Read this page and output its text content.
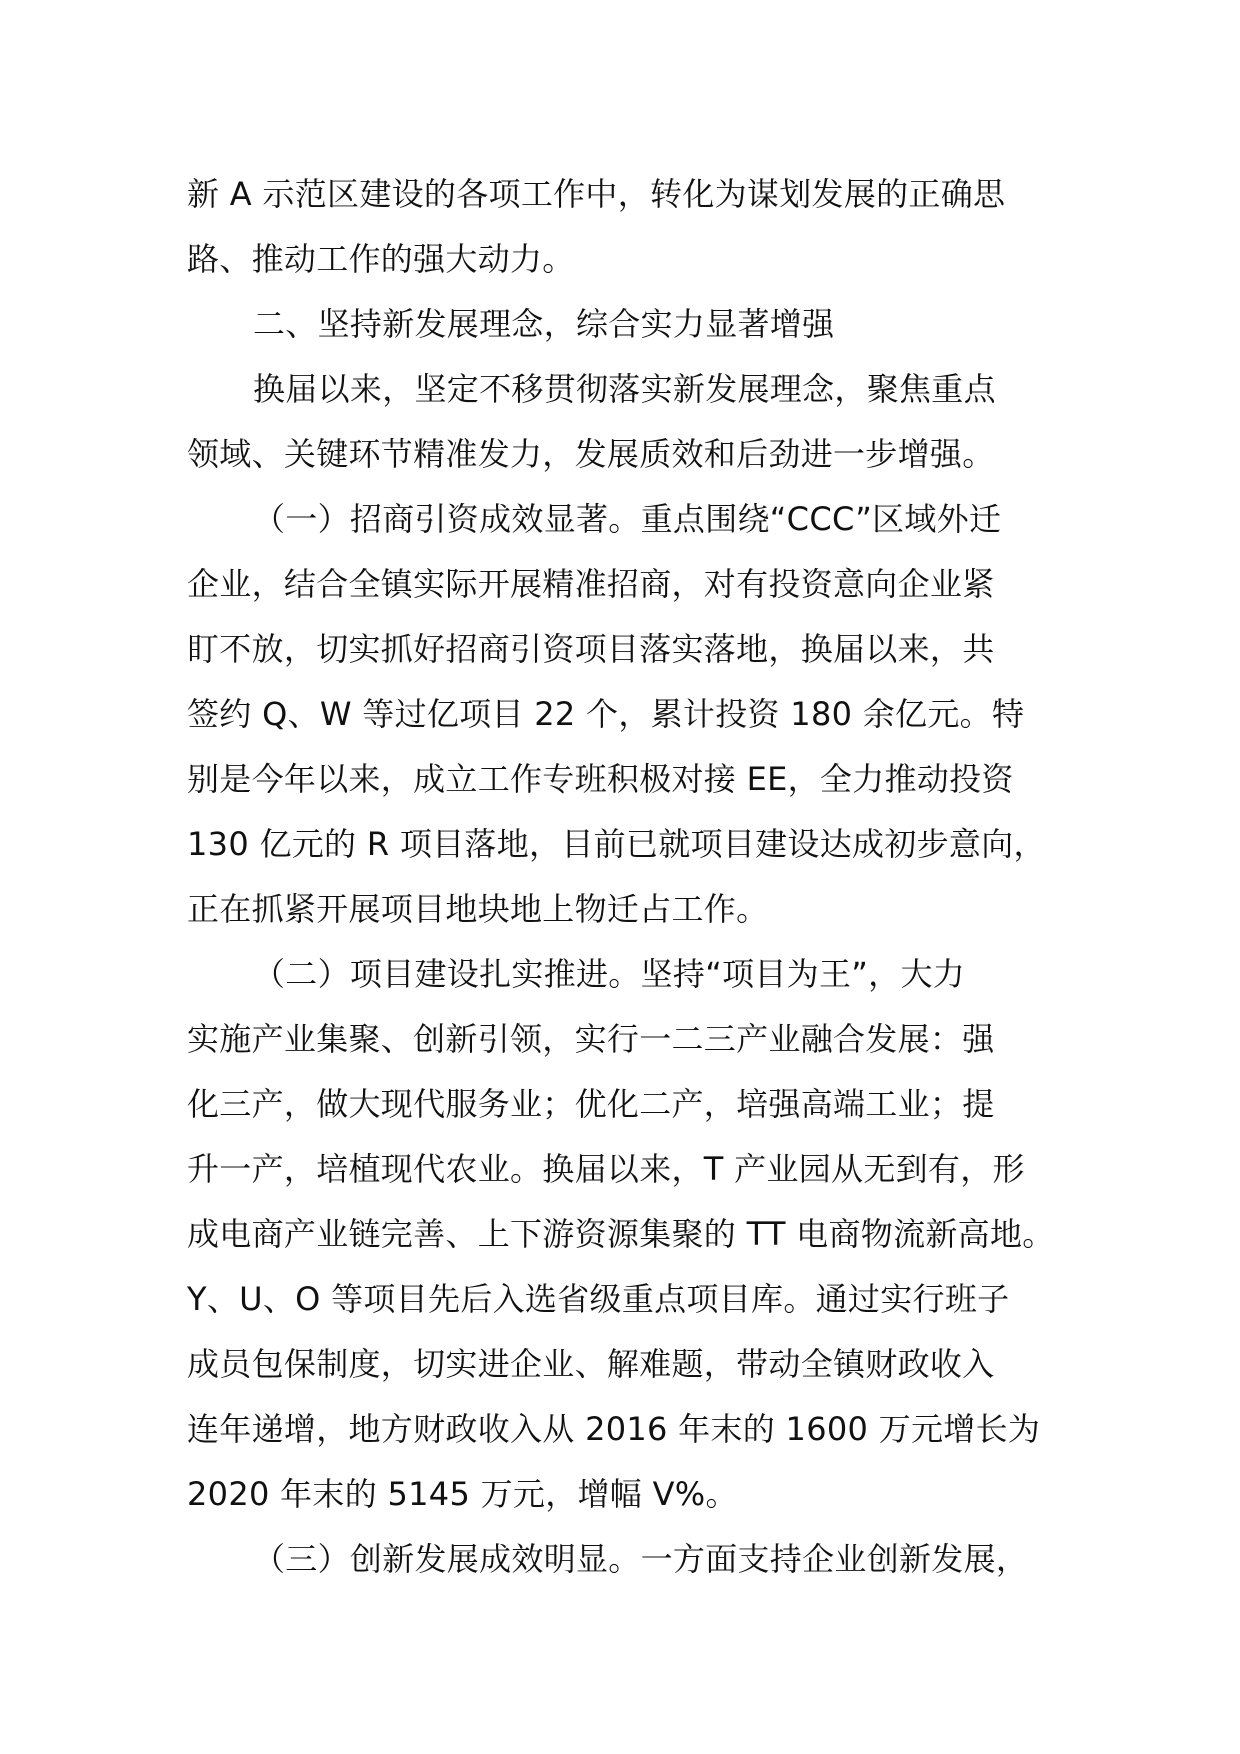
新 A 示范区建设的各项工作中，转化为谋划发展的正确思
路、推动工作的强大动力。
二、坚持新发展理念，综合实力显著增强
换届以来，坚定不移贯彻落实新发展理念，聚焦重点
领域、关键环节精准发力，发展质效和后劲进一步增强。
（一）招商引资成效显著。重点围绕“CCC”区域外迁
企业，结合全镇实际开展精准招商，对有投资意向企业紧
盯不放，切实抓好招商引资项目落实落地，换届以来，共
签约 Q、W 等过亿项目 22 个，累计投资 180 余亿元。特
别是今年以来，成立工作专班积极对接 EE，全力推动投资
130 亿元的 R 项目落地，目前已就项目建设达成初步意向，
正在抓紧开展项目地块地上物迁占工作。
（二）项目建设扎实推进。坚持“项目为王”，大力
实施产业集聚、创新引领，实行一二三产业融合发展：强
化三产，做大现代服务业；优化二产，培强高端工业；提
升一产，培植现代农业。换届以来，T 产业园从无到有，形
成电商产业链完善、上下游资源集聚的 TT 电商物流新高地。
Y、U、O 等项目先后入选省级重点项目库。通过实行班子
成员包保制度，切实进企业、解难题，带动全镇财政收入
连年递增，地方财政收入从 2016 年末的 1600 万元增长为
2020 年末的 5145 万元，增幅 V%。
（三）创新发展成效明显。一方面支持企业创新发展，
